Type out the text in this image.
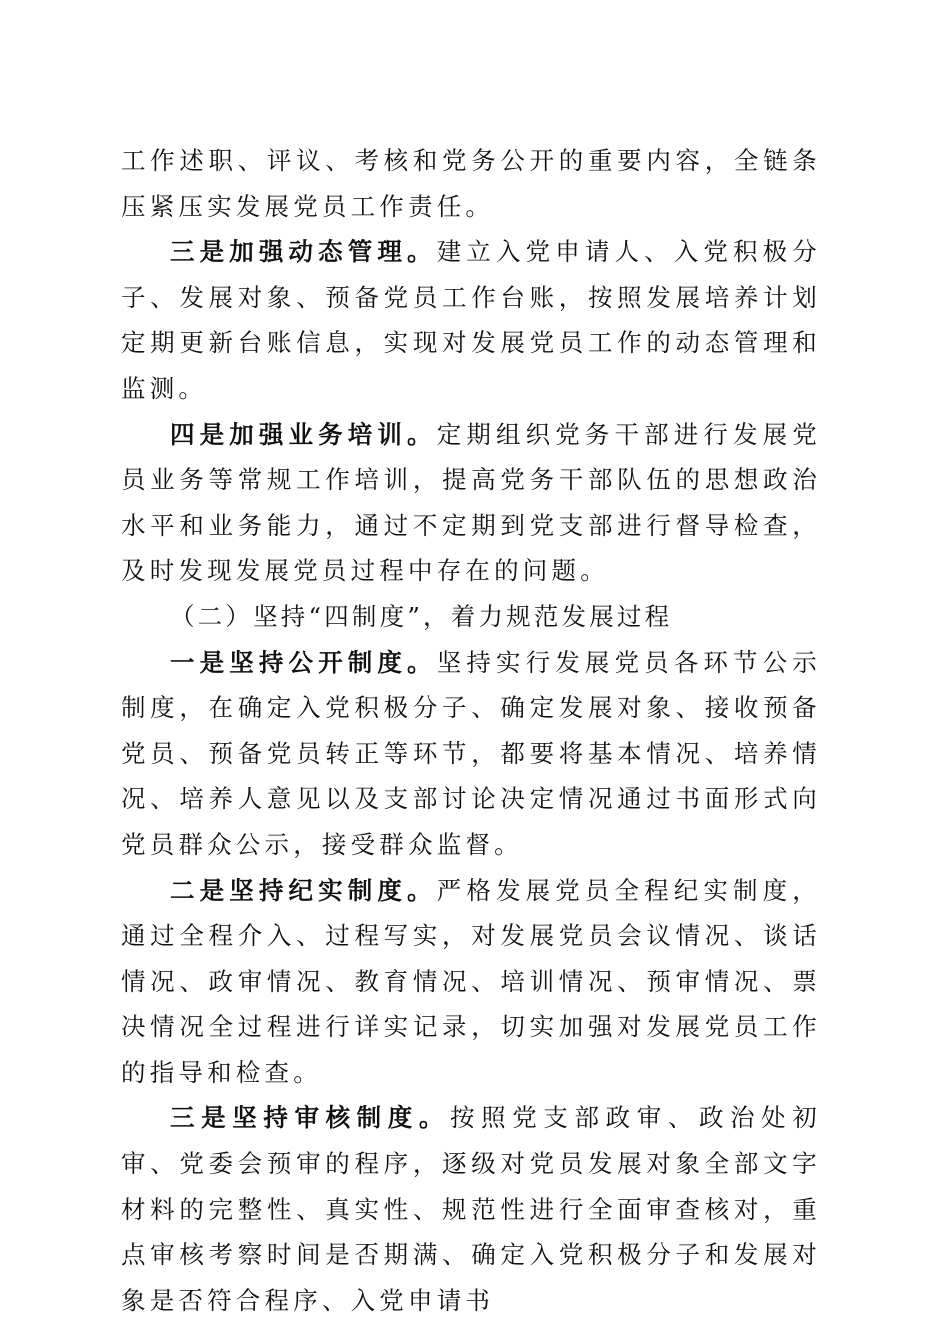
工作述职、评议、考核和党务公开的重要内容，全链条压紧压实发展党员工作责任。

三是加强动态管理。建立入党申请人、入党积极分子、发展对象、预备党员工作台账，按照发展培养计划定期更新台账信息，实现对发展党员工作的动态管理和监测。

四是加强业务培训。定期组织党务干部进行发展党员业务等常规工作培训，提高党务干部队伍的思想政治水平和业务能力，通过不定期到党支部进行督导检查，及时发现发展党员过程中存在的问题。

（二）坚持“四制度”，着力规范发展过程

一是坚持公开制度。坚持实行发展党员各环节公示制度，在确定入党积极分子、确定发展对象、接收预备党员、预备党员转正等环节，都要将基本情况、培养情况、培养人意见以及支部讨论决定情况通过书面形式向党员群众公示，接受群众监督。

二是坚持纪实制度。严格发展党员全程纪实制度，通过全程介入、过程写实，对发展党员会议情况、谈话情况、政审情况、教育情况、培训情况、预审情况、票决情况全过程进行详实记录，切实加强对发展党员工作的指导和检查。

三是坚持审核制度。按照党支部政审、政治处初审、党委会预审的程序，逐级对党员发展对象全部文字材料的完整性、真实性、规范性进行全面审查核对，重点审核考察时间是否期满、确定入党积极分子和发展对象是否符合程序、入党申请书
